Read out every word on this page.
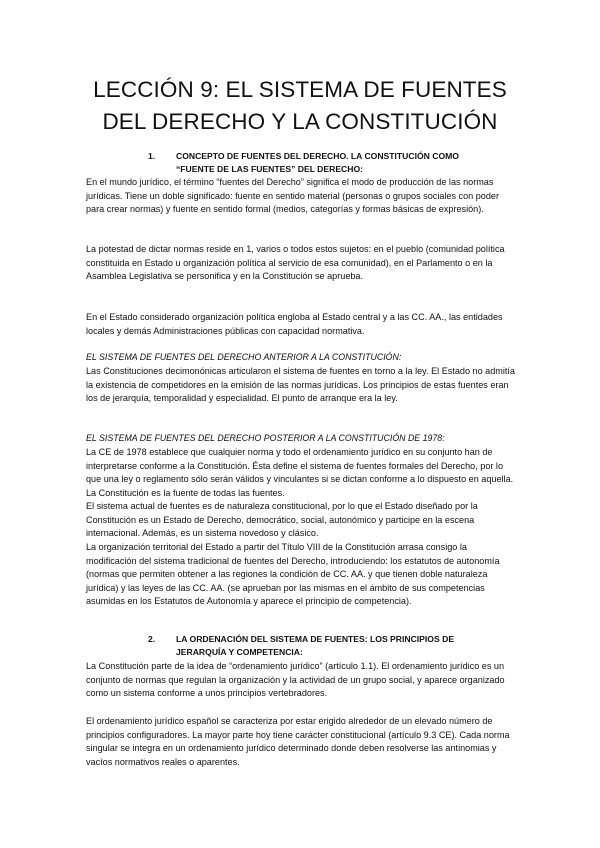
LECCIÓN 9: EL SISTEMA DE FUENTES
DEL DERECHO Y LA CONSTITUCIÓN
1. CONCEPTO DE FUENTES DEL DERECHO. LA CONSTITUCIÓN COMO
“FUENTE DE LAS FUENTES” DEL DERECHO:

En el mundo jurídico, el término “fuentes del Derecho” significa el modo de producción de las normas jurídicas. Tiene un doble significado: fuente en sentido material (personas o grupos sociales con poder para crear normas) y fuente en sentido formal (medios, categorías y formas básicas de expresión).

La potestad de dictar normas reside en 1, varios o todos estos sujetos: en el pueblo (comunidad política constituida en Estado u organización política al servicio de esa comunidad), en el Parlamento o en la Asamblea Legislativa se personifica y en la Constitución se aprueba.

En el Estado considerado organización política engloba al Estado central y a las CC. AA., las entidades locales y demás Administraciones públicas con capacidad normativa.

EL SISTEMA DE FUENTES DEL DERECHO ANTERIOR A LA CONSTITUCIÓN:

Las Constituciones decimonónicas articularon el sistema de fuentes en torno a la ley. El Estado no admitía la existencia de competidores en la emisión de las normas jurídicas. Los principios de estas fuentes eran los de jerarquía, temporalidad y especialidad. El punto de arranque era la ley.

EL SISTEMA DE FUENTES DEL DERECHO POSTERIOR A LA CONSTITUCIÓN DE 1978:

La CE de 1978 establece que cualquier norma y todo el ordenamiento jurídico en su conjunto han de interpretarse conforme a la Constitución. Ésta define el sistema de fuentes formales del Derecho, por lo que una ley o reglamento sólo serán válidos y vinculantes si se dictan conforme a lo dispuesto en aquella. La Constitución es la fuente de todas las fuentes.

El sistema actual de fuentes es de naturaleza constitucional, por lo que el Estado diseñado por la Constitución es un Estado de Derecho, democrático, social, autonómico y participe en la escena internacional. Además, es un sistema novedoso y clásico.

La organización territorial del Estado a partir del Título VIII de la Constitución arrasa consigo la modificación del sistema tradicional de fuentes del Derecho, introduciendo: los estatutos de autonomía (normas que permiten obtener a las regiones la condición de CC. AA. y que tienen doble naturaleza jurídica) y las leyes de las CC. AA. (se aprueban por las mismas en el ámbito de sus competencias asumidas en los Estatutos de Autonomía y aparece el principio de competencia).

2. LA ORDENACIÓN DEL SISTEMA DE FUENTES: LOS PRINCIPIOS DE
JERARQUÍA Y COMPETENCIA:

La Constitución parte de la idea de “ordenamiento jurídico” (artículo 1.1). El ordenamiento jurídico es un conjunto de normas que regulan la organización y la actividad de un grupo social, y aparece organizado como un sistema conforme a unos principios vertebradores.

El ordenamiento jurídico español se caracteriza por estar erigido alrededor de un elevado número de principios configuradores. La mayor parte hoy tiene carácter constitucional (artículo 9.3 CE). Cada norma singular se integra en un ordenamiento jurídico determinado donde deben resolverse las antinomias y vacíos normativos reales o aparentes.
